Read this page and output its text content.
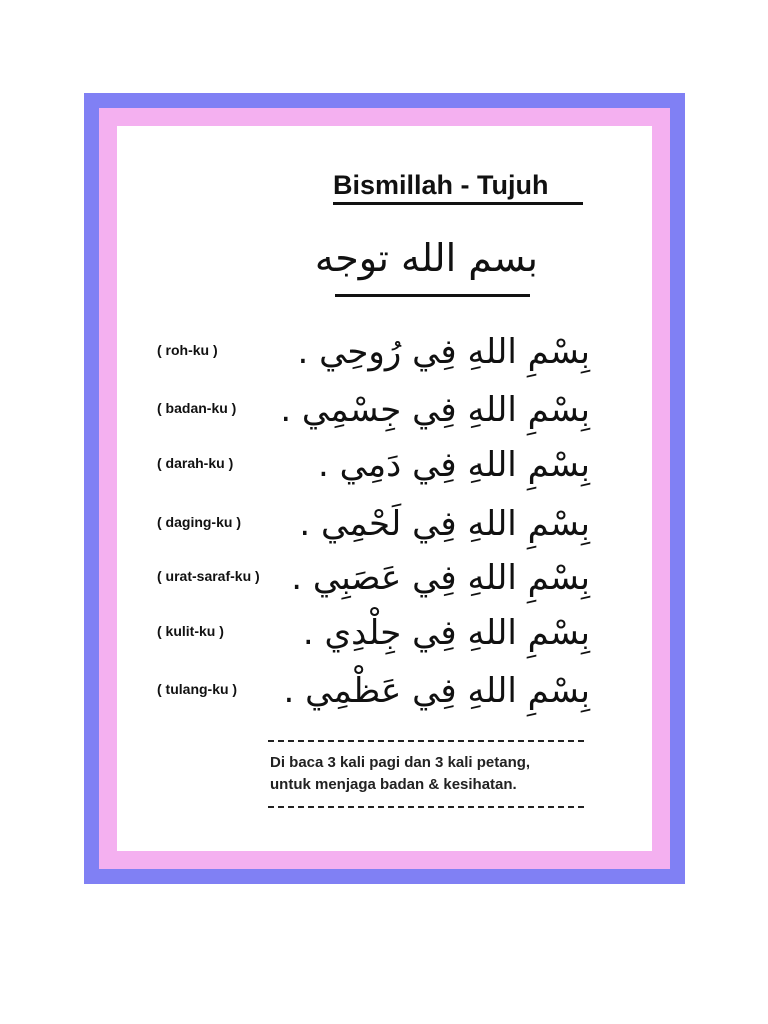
Bismillah - Tujuh
بسم الله توجه
( roh-ku ) بِسْمِ اللهِ فِي رُوحِي .
( badan-ku ) بِسْمِ اللهِ فِي جِسْمِي .
( darah-ku ) بِسْمِ اللهِ فِي دَمِي .
( daging-ku ) بِسْمِ اللهِ فِي لَحْمِي .
( urat-saraf-ku ) بِسْمِ اللهِ فِي عَصَبِي .
( kulit-ku ) بِسْمِ اللهِ فِي جِلْدِي .
( tulang-ku ) بِسْمِ اللهِ فِي عَظْمِي .
Di baca 3 kali pagi dan 3 kali petang,
untuk menjaga badan & kesihatan.
